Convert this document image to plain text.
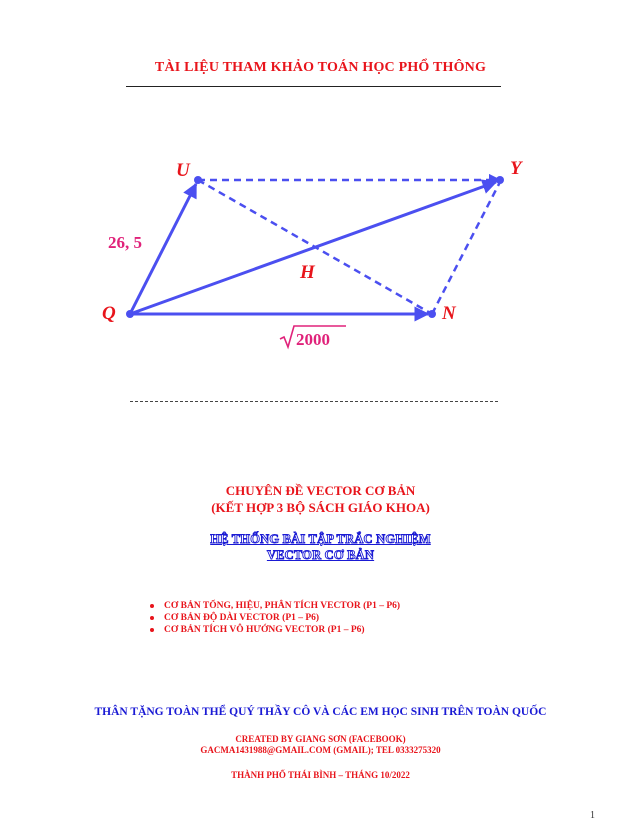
TÀI LIỆU THAM KHẢO TOÁN HỌC PHỔ THÔNG
U	Y
Q	N
H
26, 5
2000
CHUYÊN ĐỀ VECTOR CƠ BẢN
(KẾT HỢP 3 BỘ SÁCH GIÁO KHOA)
HỆ THỐNG BÀI TẬP TRẮC NGHIỆM
VECTOR CƠ BẢN
CƠ BẢN TỔNG, HIỆU, PHÂN TÍCH VECTOR (P1 – P6)
CƠ BẢN ĐỘ DÀI VECTOR (P1 – P6)
CƠ BẢN TÍCH VÔ HƯỚNG VECTOR (P1 – P6)
THÂN TẶNG TOÀN THỂ QUÝ THẦY CÔ VÀ CÁC EM HỌC SINH TRÊN TOÀN QUỐC
CREATED BY GIANG SƠN (FACEBOOK)
GACMA1431988@GMAIL.COM (GMAIL); TEL 0333275320
THÀNH PHỐ THÁI BÌNH – THÁNG 10/2022
1
